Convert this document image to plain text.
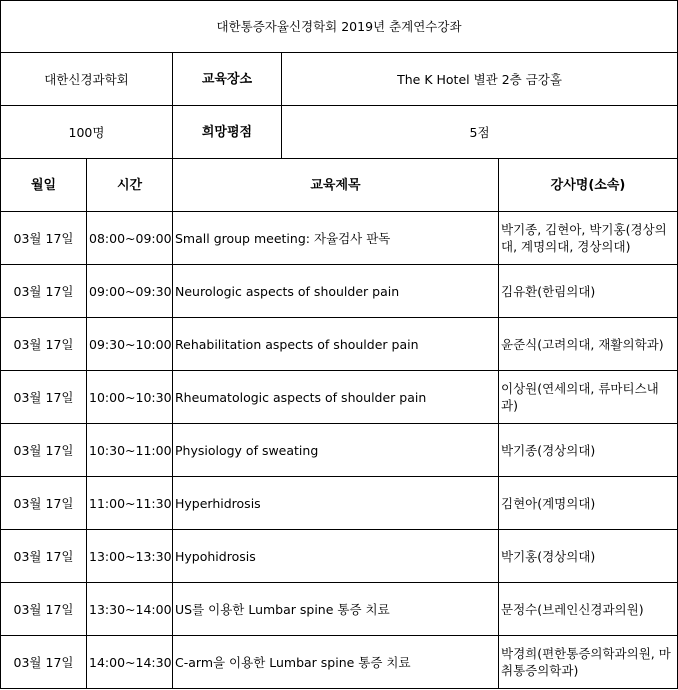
대한통증자율신경학회 2019년 춘계연수강좌				
대한신경과학회		교육장소	The K Hotel 별관 2층 금강홀	
100명		희망평점	5점	
월일	시간	교육제목		강사명(소속)
03월 17일	08:00~09:00	Small group meeting: 자율검사 판독		박기종, 김현아, 박기홍(경상의대, 계명의대, 경상의대)
03월 17일	09:00~09:30	Neurologic aspects of shoulder pain		김유환(한림의대)
03월 17일	09:30~10:00	Rehabilitation aspects of shoulder pain		윤준식(고려의대, 재활의학과)
03월 17일	10:00~10:30	Rheumatologic aspects of shoulder pain		이상원(연세의대, 류마티스내과)
03월 17일	10:30~11:00	Physiology of sweating		박기종(경상의대)
03월 17일	11:00~11:30	Hyperhidrosis		김현아(계명의대)
03월 17일	13:00~13:30	Hypohidrosis		박기홍(경상의대)
03월 17일	13:30~14:00	US를 이용한 Lumbar spine 통증 치료		문정수(브레인신경과의원)
03월 17일	14:00~14:30	C-arm을 이용한 Lumbar spine 통증 치료		박경희(편한통증의학과의원, 마취통증의학과)
